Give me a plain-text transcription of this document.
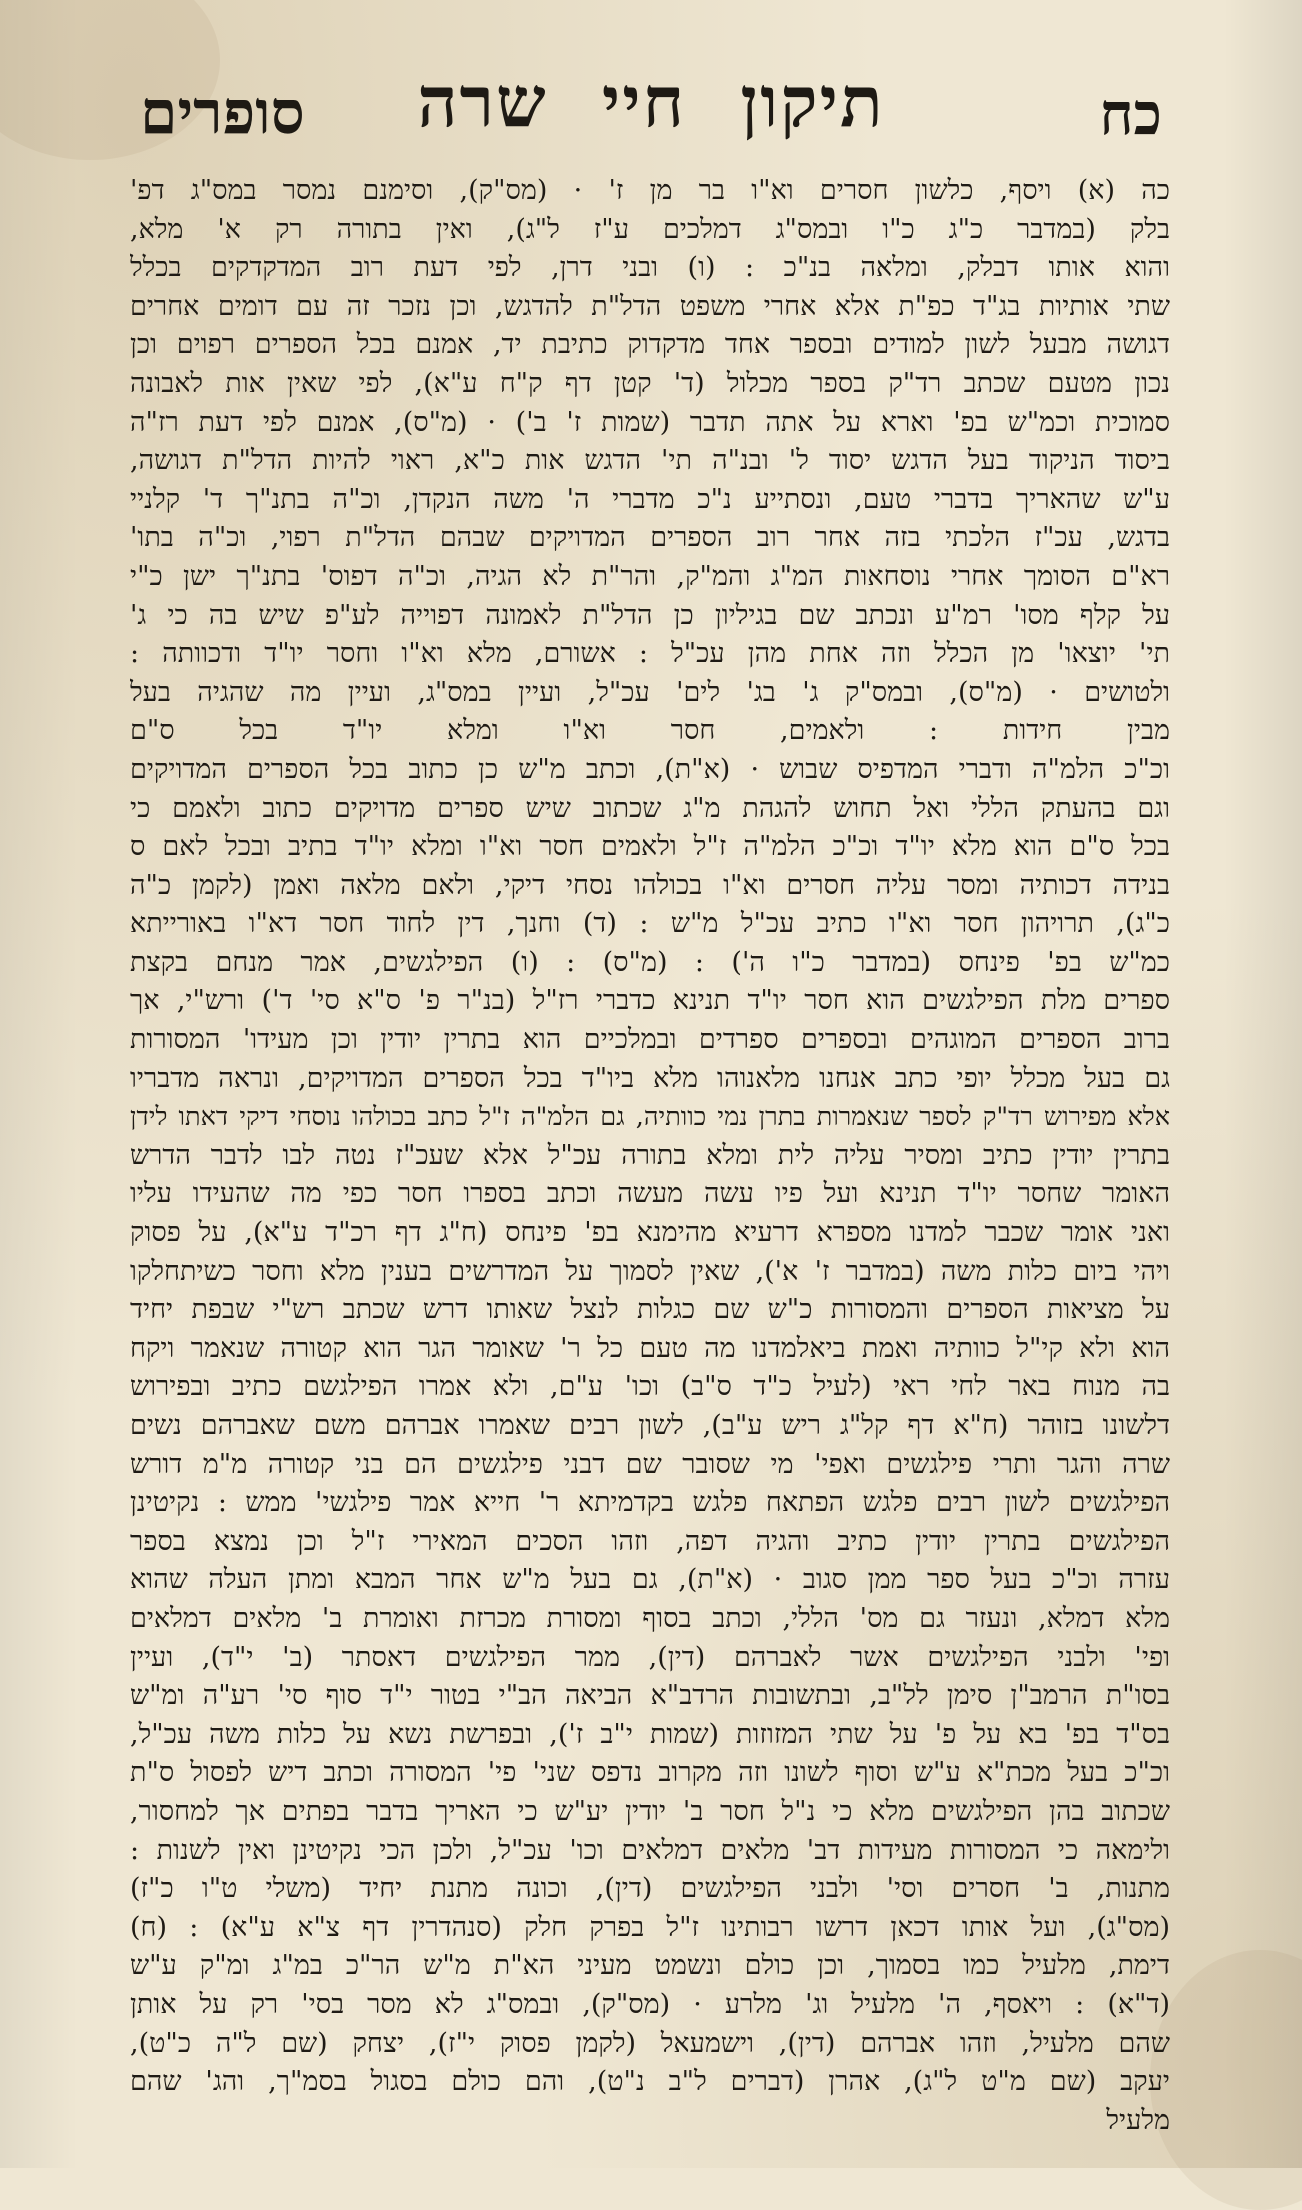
סופרים	תיקון חיי שרה	כח
כה (א) ויסף, כלשון חסרים וא"ו בר מן ז' · (מס"ק), וסימנם נמסר במס"ג דפ'
בלק (במדבר כ"ג כ"ו ובמס"ג דמלכים ע"ז ל"ג), ואין בתורה רק א' מלא,
והוא אותו דבלק, ומלאה בנ"כ : (ו) ובני דרן, לפי דעת רוב המדקדקים בכלל
שתי אותיות בג"ד כפ"ת אלא אחרי משפט הדל"ת להדגש, וכן נזכר זה עם דומים אחרים
דגושה מבעל לשון למודים ובספר אחד מדקדוק כתיבת יד, אמנם בכל הספרים רפוים וכן
נכון מטעם שכתב רד"ק בספר מכלול (ד' קטן דף ק"ח ע"א), לפי שאין אות לאבונה
סמוכית וכמ"ש בפ' וארא על אתה תדבר (שמות ז' ב') · (מ"ס), אמנם לפי דעת רז"ה
ביסוד הניקוד בעל הדגש יסוד ל' ובנ"ה תי' הדגש אות כ"א, ראוי להיות הדל"ת דגושה,
ע"ש שהאריך בדברי טעם, ונסתייע נ"כ מדברי ה' משה הנקדן, וכ"ה בתנ"ך ד' קלניי
בדגש, עכ"ז הלכתי בזה אחר רוב הספרים המדויקים שבהם הדל"ת רפוי, וכ"ה בתו'
רא"ם הסומך אחרי נוסחאות המ"ג והמ"ק, והר"ת לא הגיה, וכ"ה דפוס' בתנ"ך ישן כ"י
על קלף מסו' רמ"ע ונכתב שם בגיליון כן הדל"ת לאמונה דפוייה לע"פ שיש בה כי ג'
תי' יוצאו' מן הכלל וזה אחת מהן עכ"ל : אשורם, מלא וא"ו וחסר יו"ד ודכוותה :
ולטושים · (מ"ס), ובמס"ק ג' בג' לים' עכ"ל, ועיין במס"ג, ועיין מה שהגיה בעל
מבין חידות : ולאמים, חסר וא"ו ומלא יו"ד בכל ס"ם
וכ"כ הלמ"ה ודברי המדפיס שבוש · (א"ת), וכתב מ"ש כן כתוב בכל הספרים המדויקים
וגם בהעתק הללי ואל תחוש להגהת מ"ג שכתוב שיש ספרים מדויקים כתוב ולאמם כי
בכל ס"ם הוא מלא יו"ד וכ"כ הלמ"ה ז"ל ולאמים חסר וא"ו ומלא יו"ד בתיב ובכל לאם ס
בנידה דכותיה ומסר עליה חסרים וא"ו בכולהו נסחי דיקי, ולאם מלאה ואמן (לקמן כ"ה
כ"ג), תרויהון חסר וא"ו כתיב עכ"ל מ"ש : (ד) וחנך, דין לחוד חסר דא"ו באורייתא
כמ"ש בפ' פינחס (במדבר כ"ו ה') : (מ"ס) : (ו) הפילגשים, אמר מנחם בקצת
ספרים מלת הפילגשים הוא חסר יו"ד תנינא כדברי רז"ל (בנ"ר פ' ס"א סי' ד') ורש"י, אך
ברוב הספרים המוגהים ובספרים ספרדים ובמלכיים הוא בתרין יודין וכן מעידו' המסורות
גם בעל מכלל יופי כתב אנחנו מלאנוהו מלא ביו"ד בכל הספרים המדויקים, ונראה מדבריו
אלא מפירוש רד"ק לספר שנאמרות בתרן נמי כוותיה, גם הלמ"ה ז"ל כתב בכולהו נוסחי דיקי דאתו לידן
בתרין יודין כתיב ומסיר עליה לית ומלא בתורה עכ"ל אלא שעכ"ז נטה לבו לדבר הדרש
האומר שחסר יו"ד תנינא ועל פיו עשה מעשה וכתב בספרו חסר כפי מה שהעידו עליו
ואני אומר שכבר למדנו מספרא דרעיא מהימנא בפ' פינחס (ח"ג דף רכ"ד ע"א), על פסוק
ויהי ביום כלות משה (במדבר ז' א'), שאין לסמוך על המדרשים בענין מלא וחסר כשיתחלקו
על מציאות הספרים והמסורות כ"ש שם כגלות לנצל שאותו דרש שכתב רש"י שבפת יחיד
הוא ולא קי"ל כוותיה ואמת ביאלמדנו מה טעם כל ר' שאומר הגר הוא קטורה שנאמר ויקח
בה מנוח באר לחי ראי (לעיל כ"ד ס"ב) וכו' ע"ם, ולא אמרו הפילגשם כתיב ובפירוש
דלשונו בזוהר (ח"א דף קל"ג ריש ע"ב), לשון רבים שאמרו אברהם משם שאברהם נשים
שרה והגר ותרי פילגשים ואפי' מי שסובר שם דבני פילגשים הם בני קטורה מ"מ דורש
הפילגשים לשון רבים פלגש הפתאח פלגש בקדמיתא ר' חייא אמר פילגשי' ממש : נקיטינן
הפילגשים בתרין יודין כתיב והגיה דפה, וזהו הסכים המאירי ז"ל וכן נמצא בספר
עזרה וכ"כ בעל ספר ממן סגוב · (א"ת), גם בעל מ"ש אחר המבא ומתן העלה שהוא
מלא דמלא, ונעזר גם מס' הללי, וכתב בסוף ומסורת מכרזת ואומרת ב' מלאים דמלאים
ופי' ולבני הפילגשים אשר לאברהם (דין), ממר הפילגשים דאסתר (ב' י"ד), ועיין
בסו"ת הרמב"ן סימן לל"ב, ובתשובות הרדב"א הביאה הב"י בטור י"ד סוף סי' רע"ה ומ"ש
בס"ד בפ' בא על פ' על שתי המזוזות (שמות י"ב ז'), ובפרשת נשא על כלות משה עכ"ל,
וכ"כ בעל מכת"א ע"ש וסוף לשונו וזה מקרוב נדפס שני' פי' המסורה וכתב דיש לפסול ס"ת
שכתוב בהן הפילגשים מלא כי נ"ל חסר ב' יודין יע"ש כי האריך בדבר בפתים אך למחסור,
ולימאה כי המסורות מעידות דב' מלאים דמלאים וכו' עכ"ל, ולכן הכי נקיטינן ואין לשנות :
מתנות, ב' חסרים וסי' ולבני הפילגשים (דין), וכונה מתנת יחיד (משלי ט"ו כ"ז)
(מס"ג), ועל אותו דכאן דרשו רבותינו ז"ל בפרק חלק (סנהדרין דף צ"א ע"א) : (ח)
דימת, מלעיל כמו בסמוך, וכן כולם ונשמט מעיני הא"ת מ"ש הר"כ במ"ג ומ"ק ע"ש
(ד"א) : ויאסף, ה' מלעיל וג' מלרע · (מס"ק), ובמס"ג לא מסר בסי' רק על אותן
שהם מלעיל, וזהו אברהם (דין), וישמעאל (לקמן פסוק י"ז), יצחק (שם ל"ה כ"ט),
יעקב (שם מ"ט ל"ג), אהרן (דברים ל"ב נ"ט), והם כולם בסגול בסמ"ך, והג' שהם
מלעיל
